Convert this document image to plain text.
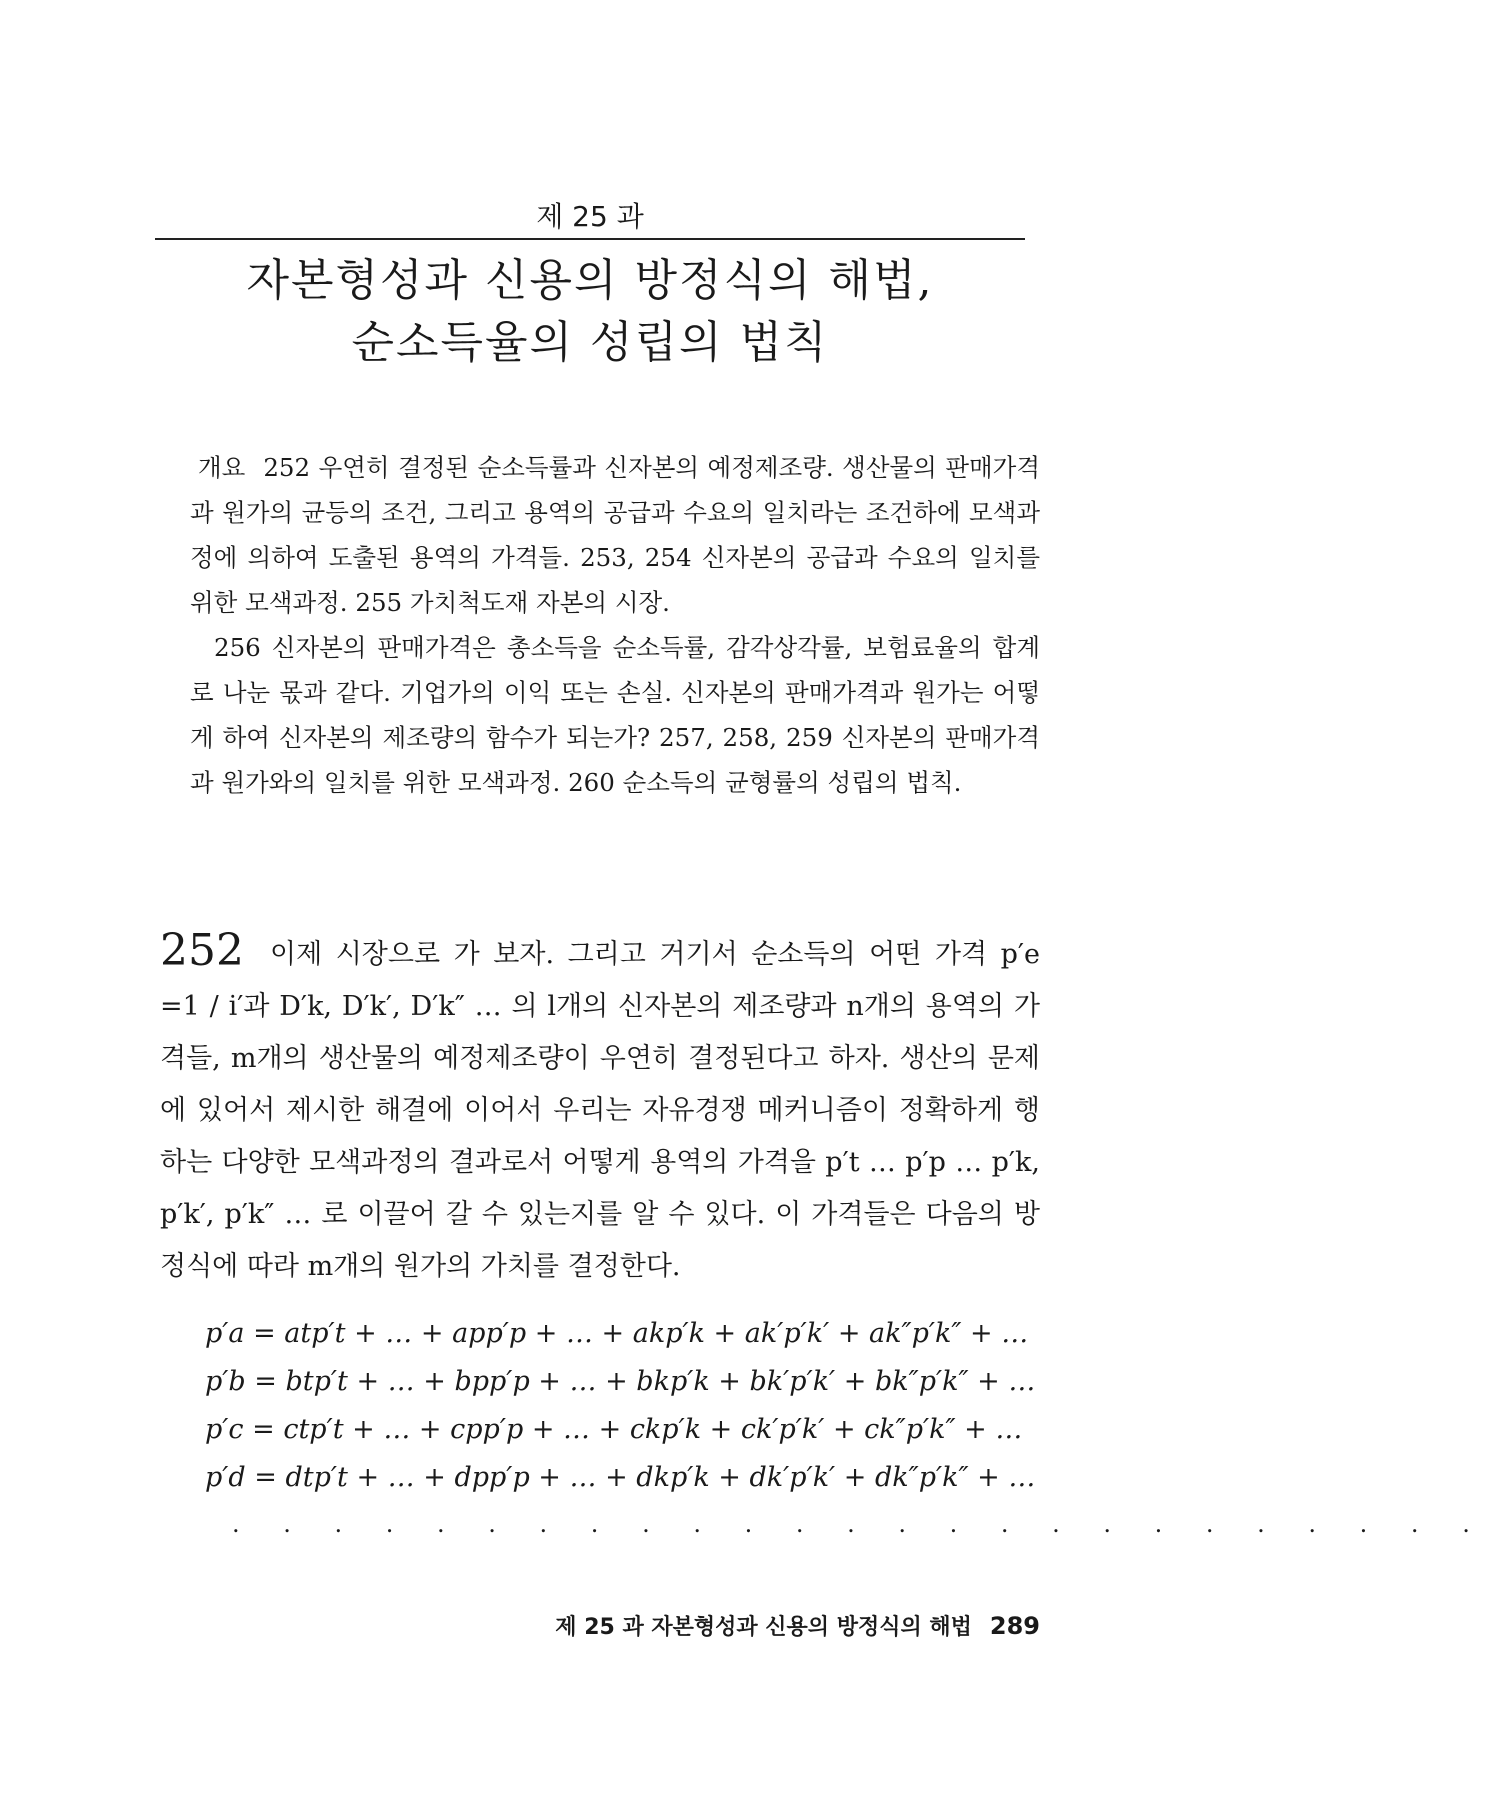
제 25 과
자본형성과 신용의 방정식의 해법,
순소득율의 성립의 법칙

개요 252 우연히 결정된 순소득률과 신자본의 예정제조량. 생산물의 판매가격과 원가의 균등의 조건, 그리고 용역의 공급과 수요의 일치라는 조건하에 모색과정에 의하여 도출된 용역의 가격들. 253, 254 신자본의 공급과 수요의 일치를 위한 모색과정. 255 가치척도재 자본의 시장.

256 신자본의 판매가격은 총소득을 순소득률, 감각상각률, 보험료율의 합계로 나눈 몫과 같다. 기업가의 이익 또는 손실. 신자본의 판매가격과 원가는 어떻게 하여 신자본의 제조량의 함수가 되는가? 257, 258, 259 신자본의 판매가격과 원가와의 일치를 위한 모색과정. 260 순소득의 균형률의 성립의 법칙.

252 이제 시장으로 가 보자. 그리고 거기서 순소득의 어떤 가격 p′e =1 / i′과 D′k, D′k′, D′k″ … 의 l개의 신자본의 제조량과 n개의 용역의 가격들, m개의 생산물의 예정제조량이 우연히 결정된다고 하자. 생산의 문제에 있어서 제시한 해결에 이어서 우리는 자유경쟁 메커니즘이 정확하게 행하는 다양한 모색과정의 결과로서 어떻게 용역의 가격을 p′t … p′p … p′k, p′k′, p′k″ … 로 이끌어 갈 수 있는지를 알 수 있다. 이 가격들은 다음의 방정식에 따라 m개의 원가의 가치를 결정한다.
p′a = atp′t + … + app′p + … + akp′k + ak′p′k′ + ak″p′k″ + …
p′b = btp′t + … + bpp′p + … + bkp′k + bk′p′k′ + bk″p′k″ + …
p′c = ctp′t + … + cpp′p + … + ckp′k + ck′p′k′ + ck″p′k″ + …
p′d = dtp′t + … + dpp′p + … + dkp′k + dk′p′k′ + dk″p′k″ + …
. . . . . . . . . . . . . . . . . . . . . . . . .
제 25 과 자본형성과 신용의 방정식의 해법 289
